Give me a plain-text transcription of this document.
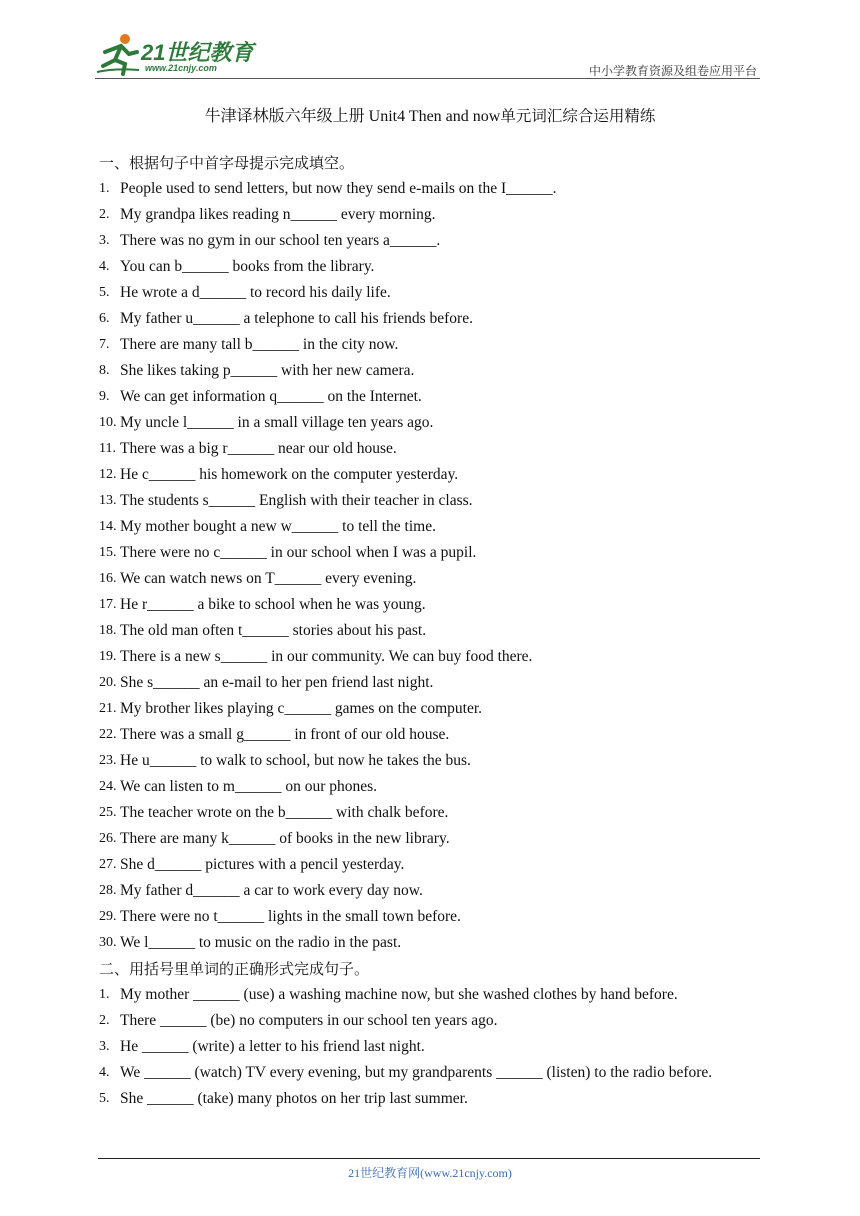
21世纪教育
www.21cnjy.com	中小学教育资源及组卷应用平台
牛津译林版六年级上册 Unit4 Then and now单元词汇综合运用精练
一、根据句子中首字母提示完成填空。
1. People used to send letters, but now they send e-mails on the I______.
2. My grandpa likes reading n______ every morning.
3. There was no gym in our school ten years a______.
4. You can b______ books from the library.
5. He wrote a d______ to record his daily life.
6. My father u______ a telephone to call his friends before.
7. There are many tall b______ in the city now.
8. She likes taking p______ with her new camera.
9. We can get information q______ on the Internet.
10. My uncle l______ in a small village ten years ago.
11. There was a big r______ near our old house.
12. He c______ his homework on the computer yesterday.
13. The students s______ English with their teacher in class.
14. My mother bought a new w______ to tell the time.
15. There were no c______ in our school when I was a pupil.
16. We can watch news on T______ every evening.
17. He r______ a bike to school when he was young.
18. The old man often t______ stories about his past.
19. There is a new s______ in our community. We can buy food there.
20. She s______ an e-mail to her pen friend last night.
21. My brother likes playing c______ games on the computer.
22. There was a small g______ in front of our old house.
23. He u______ to walk to school, but now he takes the bus.
24. We can listen to m______ on our phones.
25. The teacher wrote on the b______ with chalk before.
26. There are many k______ of books in the new library.
27. She d______ pictures with a pencil yesterday.
28. My father d______ a car to work every day now.
29. There were no t______ lights in the small town before.
30. We l______ to music on the radio in the past.
二、用括号里单词的正确形式完成句子。
1. My mother ______ (use) a washing machine now, but she washed clothes by hand before.
2. There ______ (be) no computers in our school ten years ago.
3. He ______ (write) a letter to his friend last night.
4. We ______ (watch) TV every evening, but my grandparents ______ (listen) to the radio before.
5. She ______ (take) many photos on her trip last summer.
21世纪教育网(www.21cnjy.com)
